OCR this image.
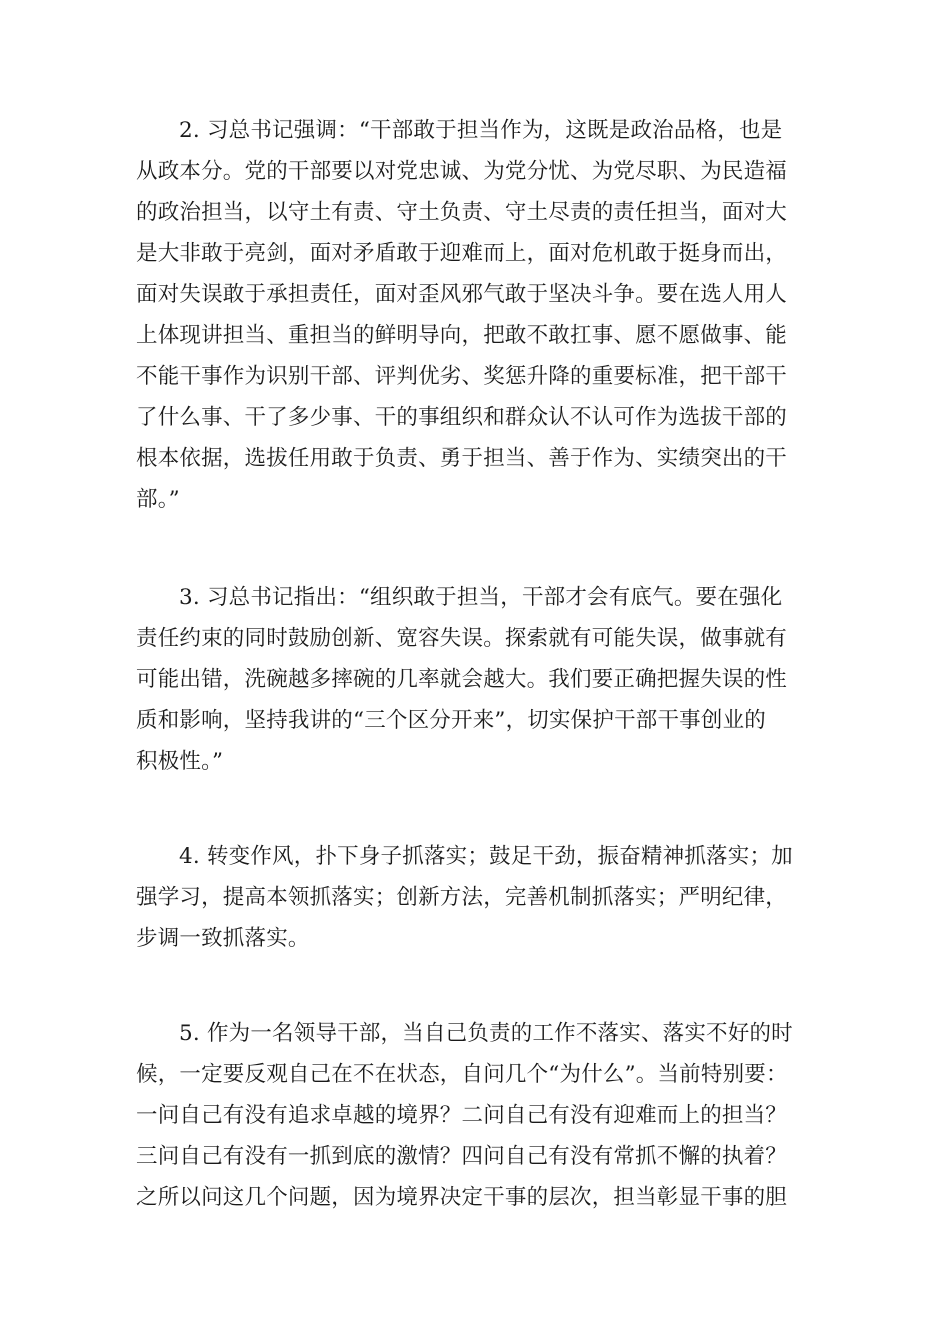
2. 习总书记强调：“干部敢于担当作为，这既是政治品格，也是
从政本分。党的干部要以对党忠诚、为党分忧、为党尽职、为民造福
的政治担当，以守土有责、守土负责、守土尽责的责任担当，面对大
是大非敢于亮剑，面对矛盾敢于迎难而上，面对危机敢于挺身而出，
面对失误敢于承担责任，面对歪风邪气敢于坚决斗争。要在选人用人
上体现讲担当、重担当的鲜明导向，把敢不敢扛事、愿不愿做事、能
不能干事作为识别干部、评判优劣、奖惩升降的重要标准，把干部干
了什么事、干了多少事、干的事组织和群众认不认可作为选拔干部的
根本依据，选拔任用敢于负责、勇于担当、善于作为、实绩突出的干
部。”
3. 习总书记指出：“组织敢于担当，干部才会有底气。要在强化
责任约束的同时鼓励创新、宽容失误。探索就有可能失误，做事就有
可能出错，洗碗越多摔碗的几率就会越大。我们要正确把握失误的性
质和影响，坚持我讲的“三个区分开来”，切实保护干部干事创业的
积极性。”
4. 转变作风，扑下身子抓落实；鼓足干劲，振奋精神抓落实；加
强学习，提高本领抓落实；创新方法，完善机制抓落实；严明纪律，
步调一致抓落实。
5. 作为一名领导干部，当自己负责的工作不落实、落实不好的时
候，一定要反观自己在不在状态，自问几个“为什么”。当前特别要：
一问自己有没有追求卓越的境界？二问自己有没有迎难而上的担当？
三问自己有没有一抓到底的激情？四问自己有没有常抓不懈的执着？
之所以问这几个问题，因为境界决定干事的层次，担当彰显干事的胆
